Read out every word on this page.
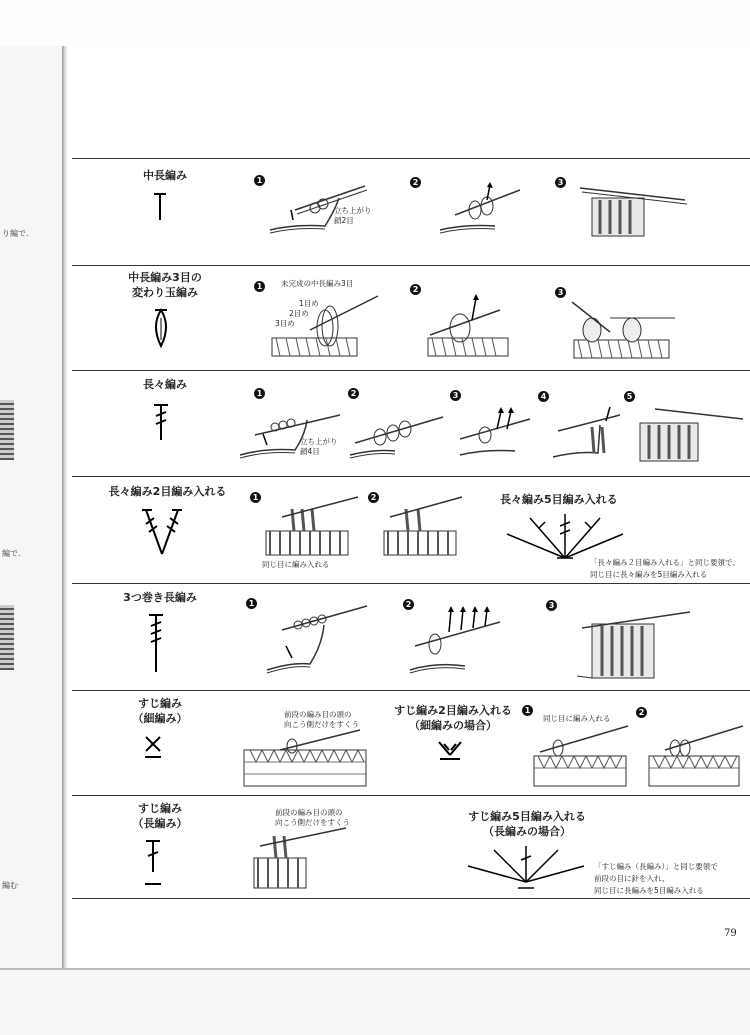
り編で.
編で.
編む
中長編み	1	2	3
立ち上がり
鎖2目
中長編み3目の
変わり玉編み	1	2	3
未完成の中長編み3目
1目め
2目め
3目め
長々編み
1	2	3	4	5
立ち上がり
鎖4目
長々編み2目編み入れる	1	2
同じ目に編み入れる
長々編み5目編み入れる
「長々編み２目編み入れる」と同じ要領で、
同じ目に長々編みを5目編み入れる
3つ巻き長編み	1	2	3
すじ編み
（細編み）	前段の編み目の頭の
向こう側だけをすくう
すじ編み2目編み入れる
（細編みの場合）
1	2
同じ目に編み入れる
すじ編み
（長編み）
前段の編み目の頭の
向こう側だけをすくう	すじ編み5目編み入れる
（長編みの場合）
「すじ編み（長編み）」と同じ要領で
前段の目に針を入れ、
同じ目に長編みを5目編み入れる
79
